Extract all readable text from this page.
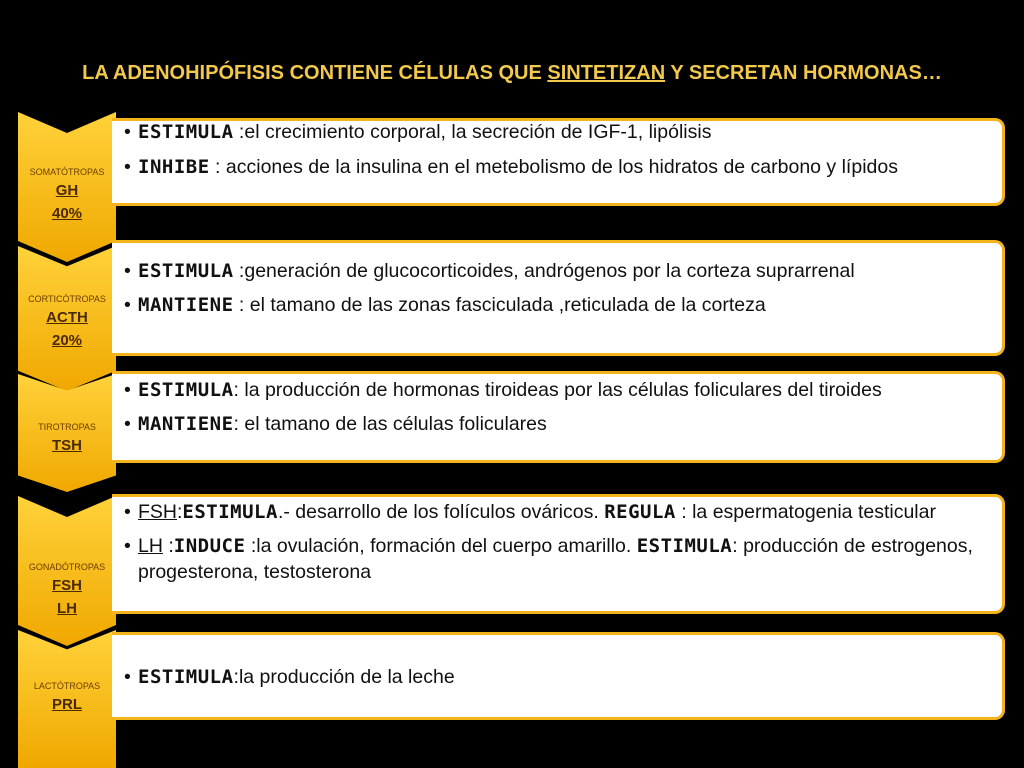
LA ADENOHIPÓFISIS CONTIENE CÉLULAS QUE SINTETIZAN Y SECRETAN HORMONAS…
• ESTIMULA :el crecimiento corporal, la secreción de IGF-1, lipólisis
• INHIBE : acciones de la insulina en el metebolismo de los hidratos de carbono y lípidos
SOMATÓTROPAS
GH
40%
• ESTIMULA :generación de glucocorticoides, andrógenos por la corteza suprarrenal
• MANTIENE : el tamano de las zonas fasciculada ,reticulada de la corteza
CORTICÓTROPAS
ACTH
20%
• ESTIMULA: la producción de hormonas tiroideas por las células foliculares del tiroides
• MANTIENE: el tamano de las células foliculares
TIROTROPAS
TSH
• FSH:ESTIMULA.- desarrollo de los folículos ováricos. REGULA : la espermatogenia testicular
• LH :INDUCE :la ovulación, formación del cuerpo amarillo. ESTIMULA: producción de estrogenos, progesterona, testosterona
GONADÓTROPAS
FSH
LH
• ESTIMULA:la producción de la leche
LACTÓTROPAS
PRL
